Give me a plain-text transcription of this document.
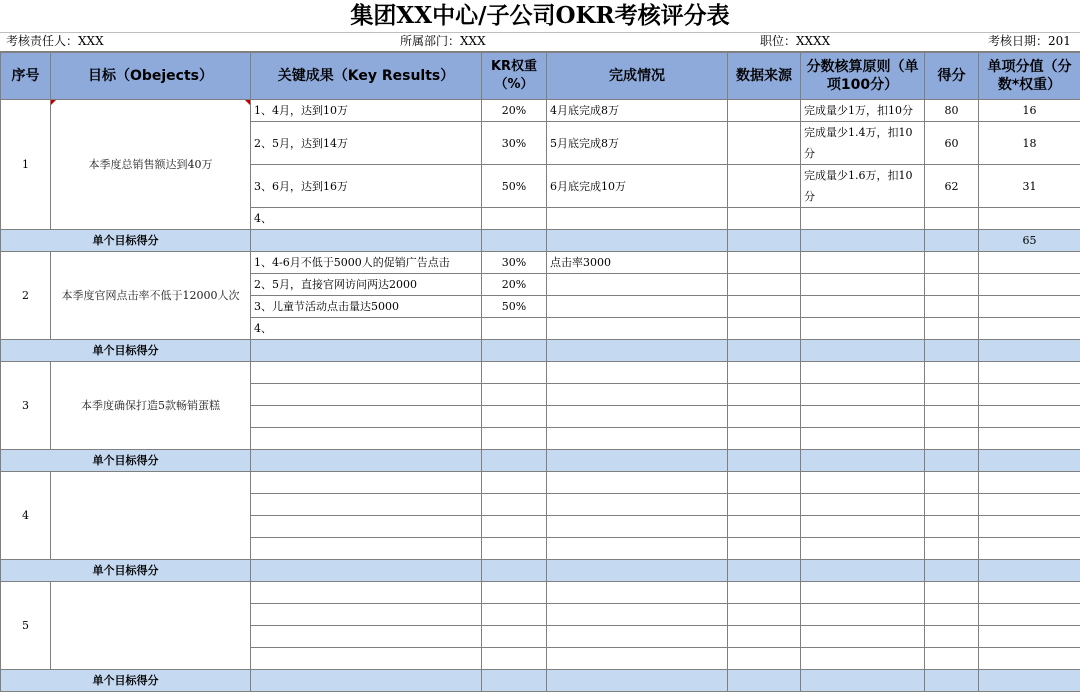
集团XX中心/子公司OKR考核评分表
考核责任人：XXX	所属部门：XXX	职位：XXXX	考核日期：201
序号	目标（Obejects）	关键成果（Key Results）	KR权重（%）	完成情况	数据来源	分数核算原则（单项100分）	得分	单项分值（分数*权重）
1	本季度总销售额达到40万	1、4月，达到10万	20%	4月底完成8万		完成量少1万，扣10分	80	16
		2、5月，达到14万	30%	5月底完成8万		完成量少1.4万，扣10分	60	18
		3、6月，达到16万	50%	6月底完成10万		完成量少1.6万，扣10分	62	31
		4、						
单个目标得分								65
2	本季度官网点击率不低于12000人次	1、4-6月不低于5000人的促销广告点击	30%	点击率3000				
		2、5月，直接官网访问两达2000	20%					
		3、儿童节活动点击量达5000	50%					
		4、						
单个目标得分								
3	本季度确保打造5款畅销蛋糕							

单个目标得分								
4								

单个目标得分								
5								

单个目标得分								
